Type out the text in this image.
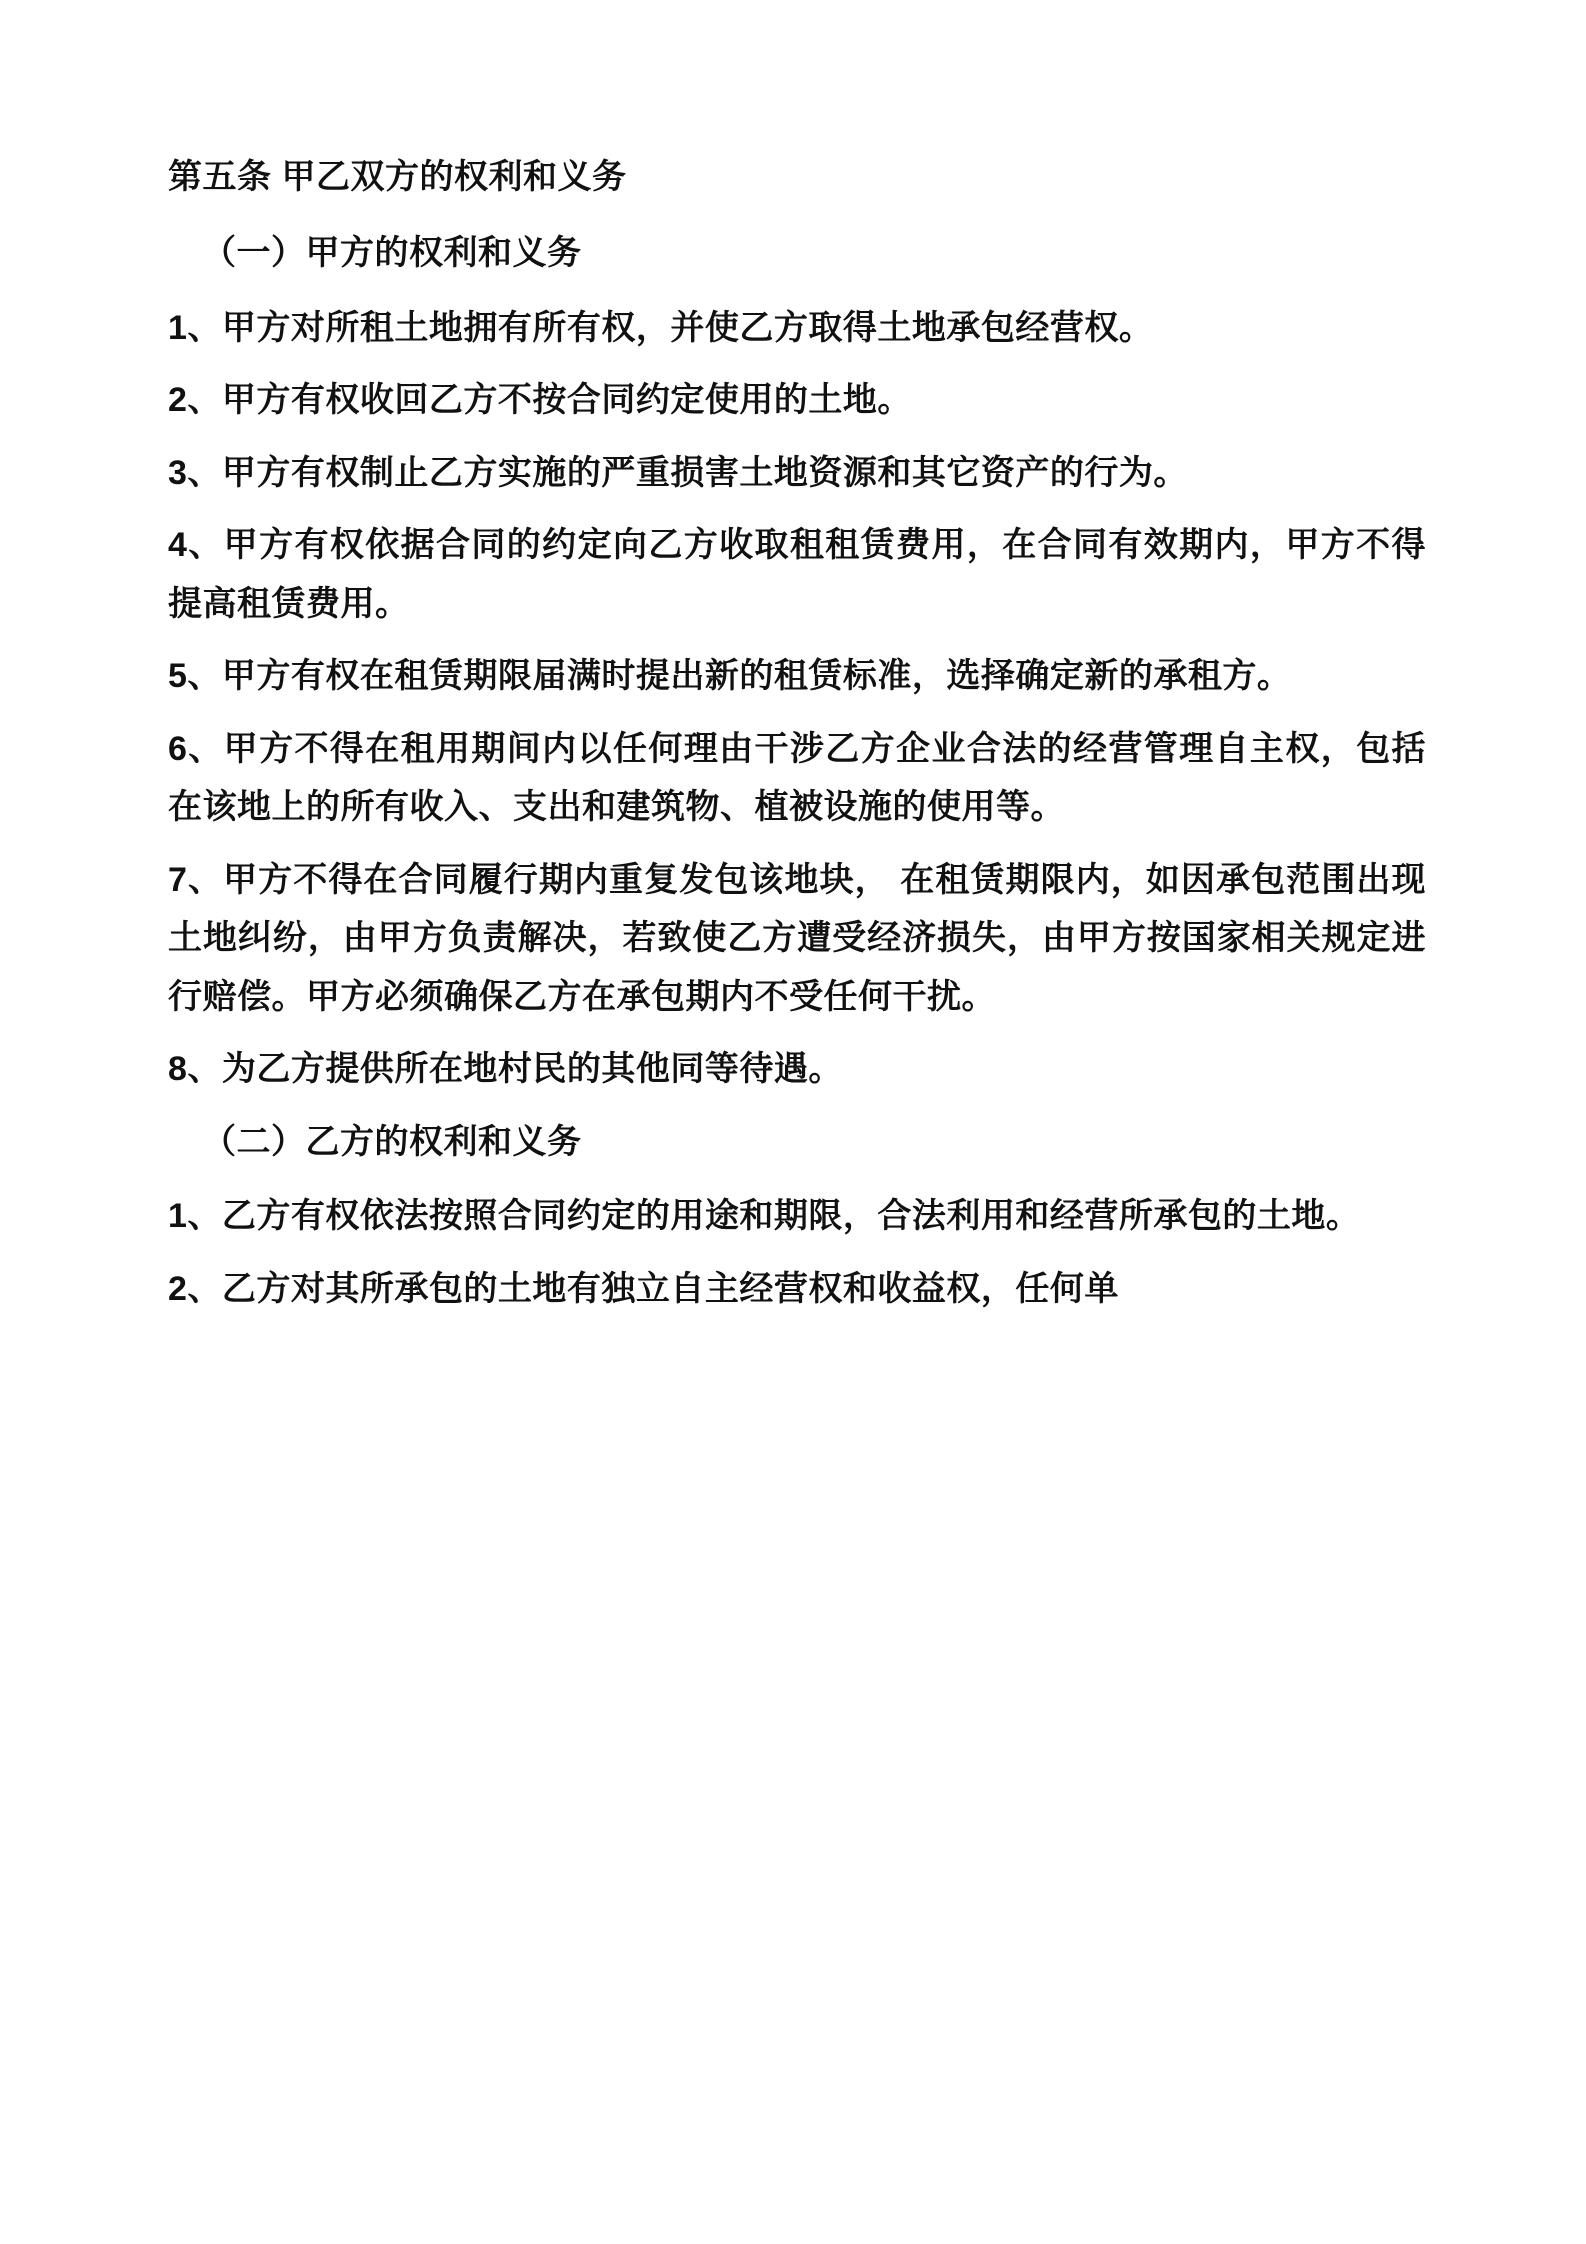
第五条 甲乙双方的权利和义务

（一）甲方的权利和义务

1、甲方对所租土地拥有所有权，并使乙方取得土地承包经营权。

2、甲方有权收回乙方不按合同约定使用的土地。

3、甲方有权制止乙方实施的严重损害土地资源和其它资产的行为。

4、甲方有权依据合同的约定向乙方收取租租赁费用，在合同有效期内，甲方不得提高租赁费用。

5、甲方有权在租赁期限届满时提出新的租赁标准，选择确定新的承租方。

6、甲方不得在租用期间内以任何理由干涉乙方企业合法的经营管理自主权，包括在该地上的所有收入、支出和建筑物、植被设施的使用等。

7、甲方不得在合同履行期内重复发包该地块， 在租赁期限内，如因承包范围出现土地纠纷，由甲方负责解决，若致使乙方遭受经济损失，由甲方按国家相关规定进行赔偿。甲方必须确保乙方在承包期内不受任何干扰。

8、为乙方提供所在地村民的其他同等待遇。

（二）乙方的权利和义务

1、乙方有权依法按照合同约定的用途和期限，合法利用和经营所承包的土地。

2、乙方对其所承包的土地有独立自主经营权和收益权，任何单
